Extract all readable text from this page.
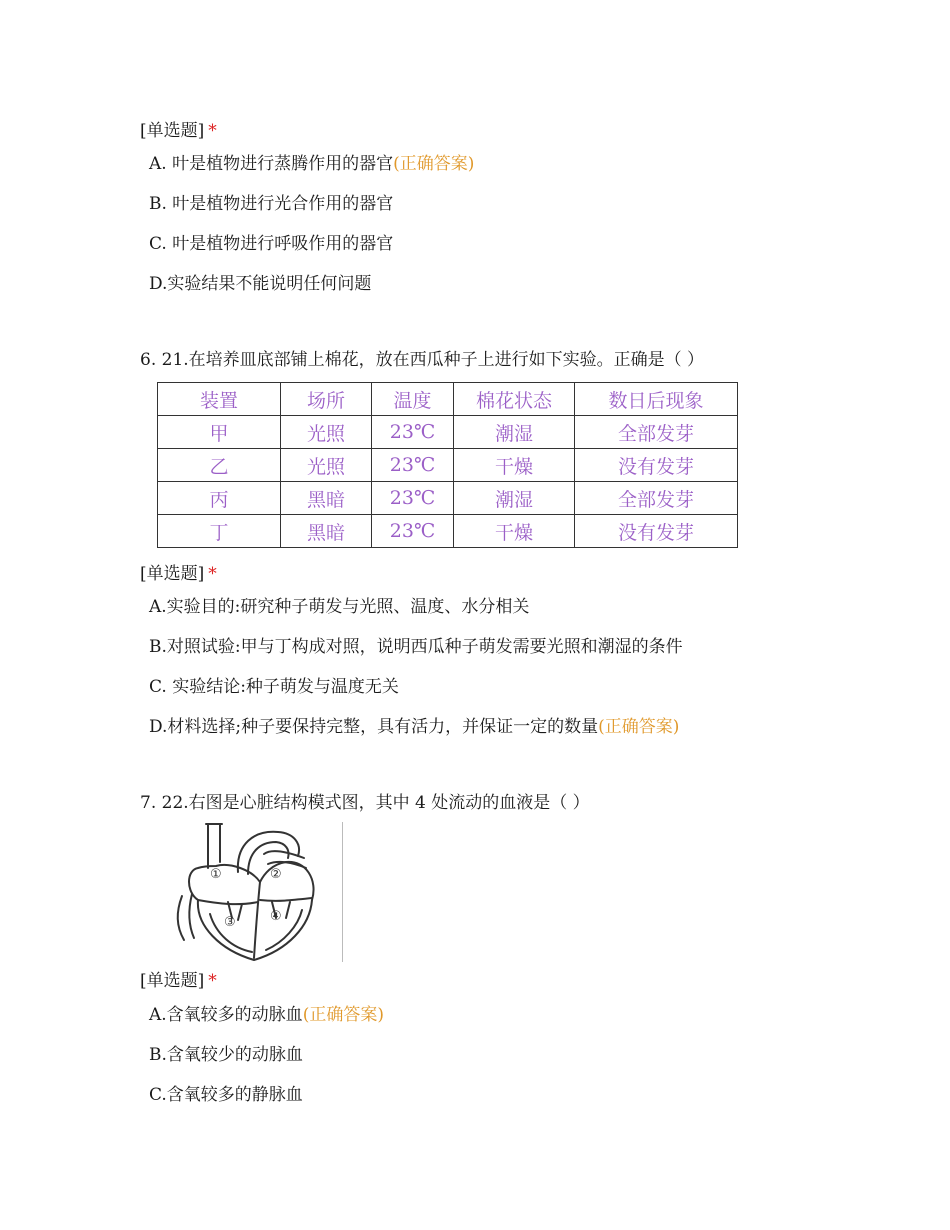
[单选题] *
A. 叶是植物进行蒸腾作用的器官(正确答案)
B. 叶是植物进行光合作用的器官
C. 叶是植物进行呼吸作用的器官
D.实验结果不能说明任何问题
6. 21.在培养皿底部铺上棉花，放在西瓜种子上进行如下实验。正确是（ ）
装置	场所	温度	棉花状态	数日后现象
甲	光照	23℃	潮湿	全部发芽
乙	光照	23℃	干燥	没有发芽
丙	黑暗	23℃	潮湿	全部发芽
丁	黑暗	23℃	干燥	没有发芽
[单选题] *
A.实验目的:研究种子萌发与光照、温度、水分相关
B.对照试验:甲与丁构成对照，说明西瓜种子萌发需要光照和潮湿的条件
C. 实验结论:种子萌发与温度无关
D.材料选择;种子要保持完整，具有活力，并保证一定的数量(正确答案)
7. 22.右图是心脏结构模式图，其中 4 处流动的血液是（ ）
①	②
③	④
[单选题] *
A.含氧较多的动脉血(正确答案)
B.含氧较少的动脉血
C.含氧较多的静脉血
